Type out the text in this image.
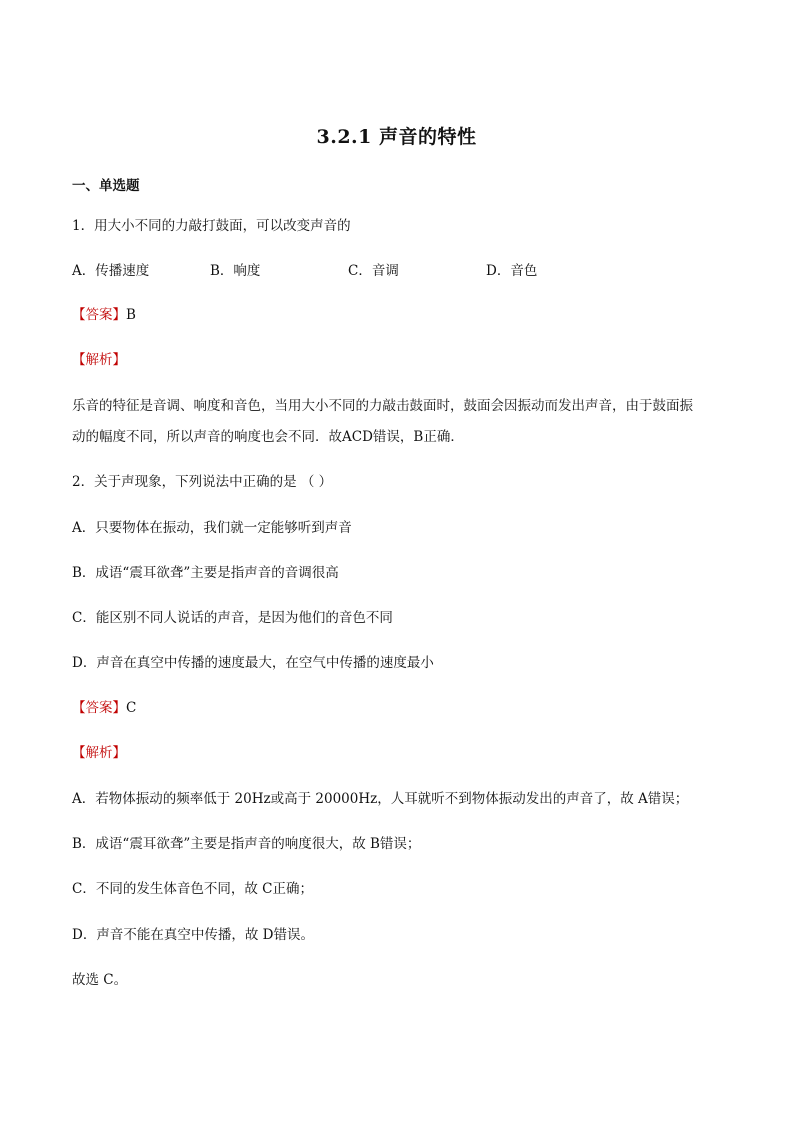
3.2.1 声音的特性
一、单选题
1．用大小不同的力敲打鼓面，可以改变声音的
A．传播速度	B．响度	C．音调	D．音色
【答案】B
【解析】
乐音的特征是音调、响度和音色，当用大小不同的力敲击鼓面时，鼓面会因振动而发出声音，由于鼓面振
动的幅度不同，所以声音的响度也会不同．故ACD错误，B正确．
2．关于声现象，下列说法中正确的是 （ ）
A．只要物体在振动，我们就一定能够听到声音
B．成语“震耳欲聋”主要是指声音的音调很高
C．能区别不同人说话的声音，是因为他们的音色不同
D．声音在真空中传播的速度最大，在空气中传播的速度最小
【答案】C
【解析】
A．若物体振动的频率低于 20Hz或高于 20000Hz，人耳就听不到物体振动发出的声音了，故 A错误；
B．成语“震耳欲聋”主要是指声音的响度很大，故 B错误；
C．不同的发生体音色不同，故 C正确；
D．声音不能在真空中传播，故 D错误。
故选 C。
